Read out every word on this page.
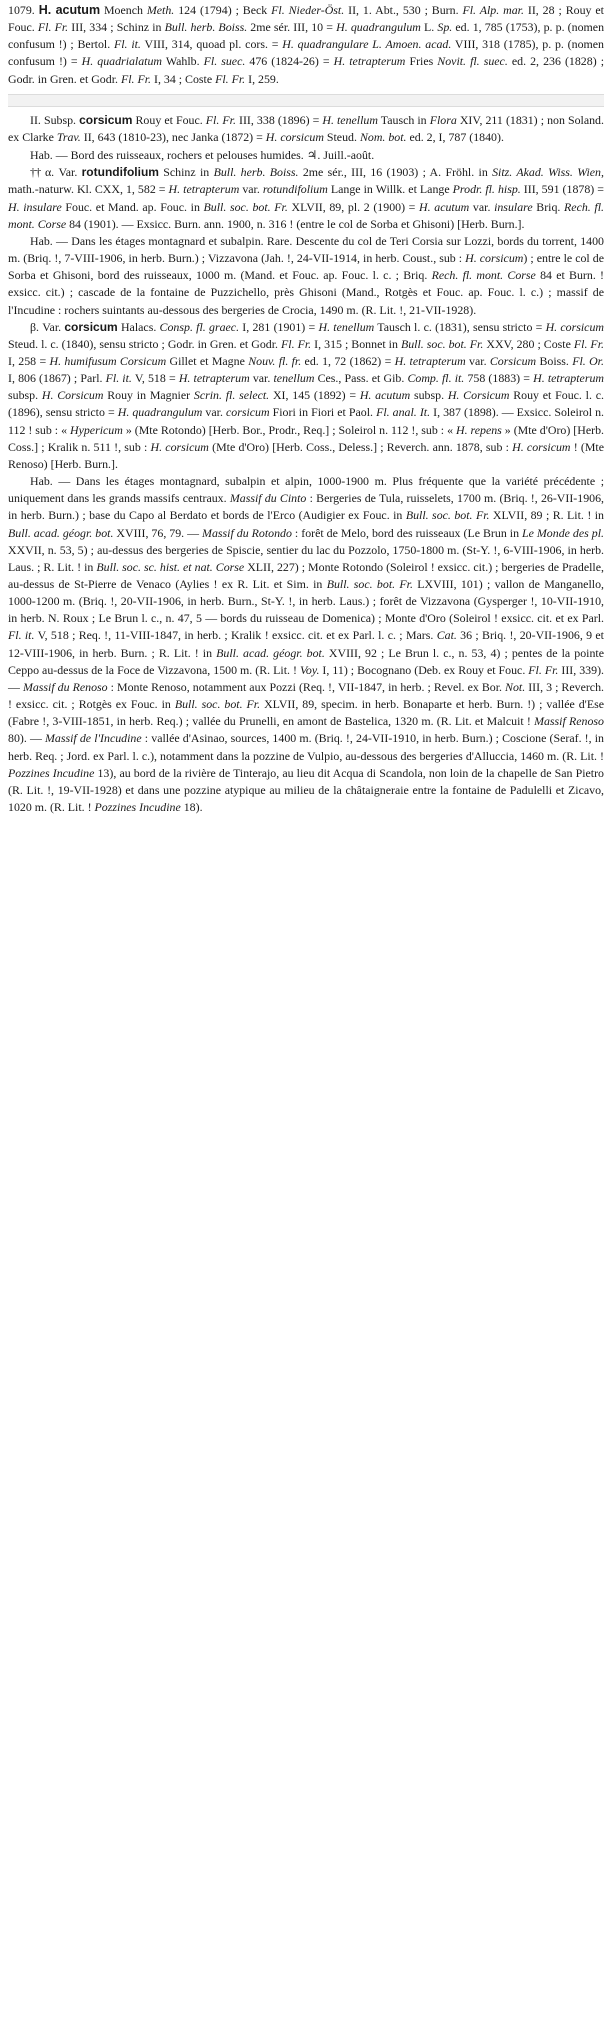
1079. H. acutum Moench Meth. 124 (1794) ; Beck Fl. Nieder-Öst. II, 1. Abt., 530 ; Burn. Fl. Alp. mar. II, 28 ; Rouy et Fouc. Fl. Fr. III, 334 ; Schinz in Bull. herb. Boiss. 2me sér. III, 10 = H. quadrangulum L. Sp. ed. 1, 785 (1753), p. p. (nomen confusum !) ; Bertol. Fl. it. VIII, 314, quoad pl. cors. = H. quadrangulare L. Amoen. acad. VIII, 318 (1785), p. p. (nomen confusum !) = H. quadrialatum Wahlb. Fl. suec. 476 (1824-26) = H. tetrapterum Fries Novit. fl. suec. ed. 2, 236 (1828) ; Godr. in Gren. et Godr. Fl. Fr. I, 34 ; Coste Fl. Fr. I, 259.

II. Subsp. corsicum Rouy et Fouc. Fl. Fr. III, 338 (1896) = H. tenellum Tausch in Flora XIV, 211 (1831) ; non Soland. ex Clarke Trav. II, 643 (1810-23), nec Janka (1872) = H. corsicum Steud. Nom. bot. ed. 2, I, 787 (1840).

Hab. — Bord des ruisseaux, rochers et pelouses humides. ♃. Juill.-août.

†† α. Var. rotundifolium Schinz in Bull. herb. Boiss. 2me sér., III, 16 (1903) ; A. Fröhl. in Sitz. Akad. Wiss. Wien, math.-naturw. Kl. CXX, 1, 582 = H. tetrapterum var. rotundifolium Lange in Willk. et Lange Prodr. fl. hisp. III, 591 (1878) = H. insulare Fouc. et Mand. ap. Fouc. in Bull. soc. bot. Fr. XLVII, 89, pl. 2 (1900) = H. acutum var. insulare Briq. Rech. fl. mont. Corse 84 (1901). — Exsicc. Burn. ann. 1900, n. 316 ! (entre le col de Sorba et Ghisoni) [Herb. Burn.].

Hab. — Dans les étages montagnard et subalpin. Rare. Descente du col de Teri Corsia sur Lozzi, bords du torrent, 1400 m. (Briq. !, 7-VIII-1906, in herb. Burn.) ; Vizzavona (Jah. !, 24-VII-1914, in herb. Coust., sub : H. corsicum) ; entre le col de Sorba et Ghisoni, bord des ruisseaux, 1000 m. (Mand. et Fouc. ap. Fouc. l. c. ; Briq. Rech. fl. mont. Corse 84 et Burn. ! exsicc. cit.) ; cascade de la fontaine de Puzzichello, près Ghisoni (Mand., Rotgès et Fouc. ap. Fouc. l. c.) ; massif de l'Incudine : rochers suintants au-dessous des bergeries de Crocia, 1490 m. (R. Lit. !, 21-VII-1928).

β. Var. corsicum Halacs. Consp. fl. graec. I, 281 (1901) = H. tenellum Tausch l. c. (1831), sensu stricto = H. corsicum Steud. l. c. (1840), sensu stricto ; Godr. in Gren. et Godr. Fl. Fr. I, 315 ; Bonnet in Bull. soc. bot. Fr. XXV, 280 ; Coste Fl. Fr. I, 258 = H. humifusum Corsicum Gillet et Magne Nouv. fl. fr. ed. 1, 72 (1862) = H. tetrapterum var. Corsicum Boiss. Fl. Or. I, 806 (1867) ; Parl. Fl. it. V, 518 = H. tetrapterum var. tenellum Ces., Pass. et Gib. Comp. fl. it. 758 (1883) = H. tetrapterum subsp. H. Corsicum Rouy in Magnier Scrin. fl. select. XI, 145 (1892) = H. acutum subsp. H. Corsicum Rouy et Fouc. l. c. (1896), sensu stricto = H. quadrangulum var. corsicum Fiori in Fiori et Paol. Fl. anal. It. I, 387 (1898). — Exsicc. Soleirol n. 112 ! sub : « Hypericum » (Mte Rotondo) [Herb. Bor., Prodr., Req.] ; Soleirol n. 112 !, sub : « H. repens » (Mte d'Oro) [Herb. Coss.] ; Kralik n. 511 !, sub : H. corsicum (Mte d'Oro) [Herb. Coss., Deless.] ; Reverch. ann. 1878, sub : H. corsicum ! (Mte Renoso) [Herb. Burn.].

Hab. — Dans les étages montagnard, subalpin et alpin, 1000-1900 m. Plus fréquente que la variété précédente ; uniquement dans les grands massifs centraux. Massif du Cinto : Bergeries de Tula, ruisselets, 1700 m. (Briq. !, 26-VII-1906, in herb. Burn.) ; base du Capo al Berdato et bords de l'Erco (Audigier ex Fouc. in Bull. soc. bot. Fr. XLVII, 89 ; R. Lit. ! in Bull. acad. géogr. bot. XVIII, 76, 79. — Massif du Rotondo : forêt de Melo, bord des ruisseaux (Le Brun in Le Monde des pl. XXVII, n. 53, 5) ; au-dessus des bergeries de Spiscie, sentier du lac du Pozzolo, 1750-1800 m. (St-Y. !, 6-VIII-1906, in herb. Laus. ; R. Lit. ! in Bull. soc. sc. hist. et nat. Corse XLII, 227) ; Monte Rotondo (Soleirol ! exsicc. cit.) ; bergeries de Pradelle, au-dessus de St-Pierre de Venaco (Aylies ! ex R. Lit. et Sim. in Bull. soc. bot. Fr. LXVIII, 101) ; vallon de Manganello, 1000-1200 m. (Briq. !, 20-VII-1906, in herb. Burn., St-Y. !, in herb. Laus.) ; forêt de Vizzavona (Gysperger !, 10-VII-1910, in herb. N. Roux ; Le Brun l. c., n. 47, 5 — bords du ruisseau de Domenica) ; Monte d'Oro (Soleirol ! exsicc. cit. et ex Parl. Fl. it. V, 518 ; Req. !, 11-VIII-1847, in herb. ; Kralik ! exsicc. cit. et ex Parl. l. c. ; Mars. Cat. 36 ; Briq. !, 20-VII-1906, 9 et 12-VIII-1906, in herb. Burn. ; R. Lit. ! in Bull. acad. géogr. bot. XVIII, 92 ; Le Brun l. c., n. 53, 4) ; pentes de la pointe Ceppo au-dessus de la Foce de Vizzavona, 1500 m. (R. Lit. ! Voy. I, 11) ; Bocognano (Deb. ex Rouy et Fouc. Fl. Fr. III, 339). — Massif du Renoso : Monte Renoso, notamment aux Pozzi (Req. !, VII-1847, in herb. ; Revel. ex Bor. Not. III, 3 ; Reverch. ! exsicc. cit. ; Rotgès ex Fouc. in Bull. soc. bot. Fr. XLVII, 89, specim. in herb. Bonaparte et herb. Burn. !) ; vallée d'Ese (Fabre !, 3-VIII-1851, in herb. Req.) ; vallée du Prunelli, en amont de Bastelica, 1320 m. (R. Lit. et Malcuit ! Massif Renoso 80). — Massif de l'Incudine : vallée d'Asinao, sources, 1400 m. (Briq. !, 24-VII-1910, in herb. Burn.) ; Coscione (Seraf. !, in herb. Req. ; Jord. ex Parl. l. c.), notamment dans la pozzine de Vulpio, au-dessous des bergeries d'Alluccia, 1460 m. (R. Lit. ! Pozzines Incudine 13), au bord de la rivière de Tinterajo, au lieu dit Acqua di Scandola, non loin de la chapelle de San Pietro (R. Lit. !, 19-VII-1928) et dans une pozzine atypique au milieu de la châtaigneraie entre la fontaine de Padulelli et Zicavo, 1020 m. (R. Lit. ! Pozzines Incudine 18).
